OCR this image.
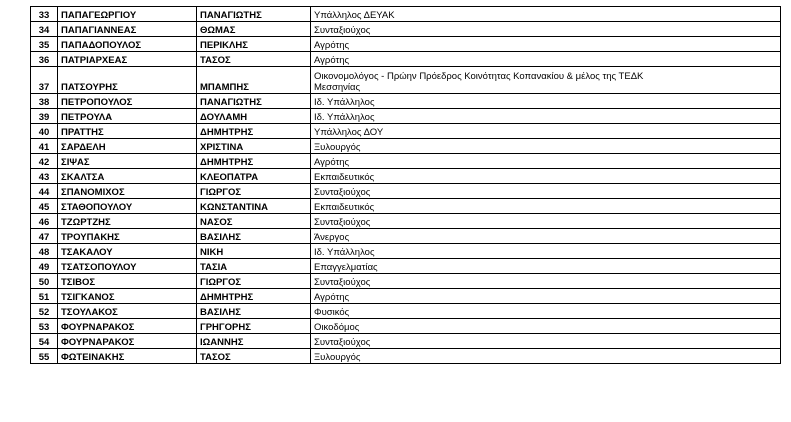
33	ΠΑΠΑΓΕΩΡΓΙΟΥ	ΠΑΝΑΓΙΩΤΗΣ	Υπάλληλος ΔΕΥΑΚ
34	ΠΑΠΑΓΙΑΝΝΕΑΣ	ΘΩΜΑΣ	Συνταξιούχος
35	ΠΑΠΑΔΟΠΟΥΛΟΣ	ΠΕΡΙΚΛΗΣ	Αγρότης
36	ΠΑΤΡΙΑΡΧΕΑΣ	ΤΑΣΟΣ	Αγρότης
37	ΠΑΤΣΟΥΡΗΣ	ΜΠΑΜΠΗΣ	Οικονομολόγος - Πρώην Πρόεδρος Κοινότητας Κοπανακίου & μέλος της ΤΕΔΚ
Μεσσηνίας

38	ΠΕΤΡΟΠΟΥΛΟΣ	ΠΑΝΑΓΙΩΤΗΣ	Ιδ. Υπάλληλος
39	ΠΕΤΡΟΥΛΑ	ΔΟΥΛΑΜΗ	Ιδ. Υπάλληλος
40	ΠΡΑΤΤΗΣ	ΔΗΜΗΤΡΗΣ	Υπάλληλος ΔΟΥ
41	ΣΑΡΔΕΛΗ	ΧΡΙΣΤΙΝΑ	Ξυλουργός
42	ΣΙΨΑΣ	ΔΗΜΗΤΡΗΣ	Αγρότης
43	ΣΚΑΛΤΣΑ	ΚΛΕΟΠΑΤΡΑ	Εκπαιδευτικός
44	ΣΠΑΝΟΜΙΧΟΣ	ΓΙΩΡΓΟΣ	Συνταξιούχος
45	ΣΤΑΘΟΠΟΥΛΟΥ	ΚΩΝΣΤΑΝΤΙΝΑ	Εκπαιδευτικός
46	ΤΖΩΡΤΖΗΣ	ΝΑΣΟΣ	Συνταξιούχος
47	ΤΡΟΥΠΑΚΗΣ	ΒΑΣΙΛΗΣ	Άνεργος
48	ΤΣΑΚΑΛΟΥ	ΝΙΚΗ	Ιδ. Υπάλληλος
49	ΤΣΑΤΣΟΠΟΥΛΟΥ	ΤΑΣΙΑ	Επαγγελματίας
50	ΤΣΙΒΟΣ	ΓΙΩΡΓΟΣ	Συνταξιούχος
51	ΤΣΙΓΚΑΝΟΣ	ΔΗΜΗΤΡΗΣ	Αγρότης
52	ΤΣΟΥΛΑΚΟΣ	ΒΑΣΙΛΗΣ	Φυσικός
53	ΦΟΥΡΝΑΡΑΚΟΣ	ΓΡΗΓΟΡΗΣ	Οικοδόμος
54	ΦΟΥΡΝΑΡΑΚΟΣ	ΙΩΑΝΝΗΣ	Συνταξιούχος
55	ΦΩΤΕΙΝΑΚΗΣ	ΤΑΣΟΣ	Ξυλουργός
